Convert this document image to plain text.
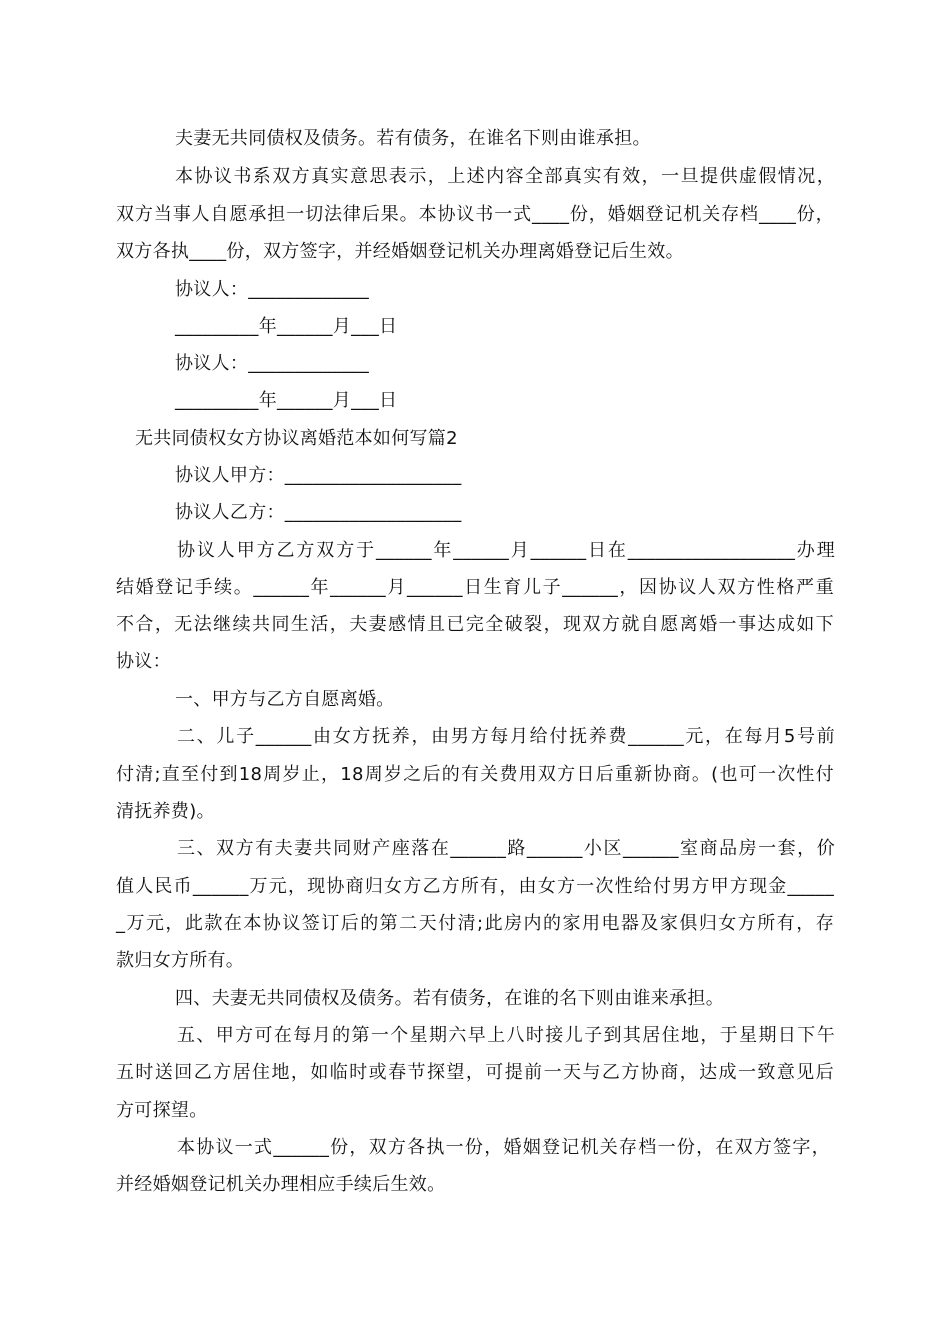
夫妻无共同债权及债务。若有债务，在谁名下则由谁承担。
本协议书系双方真实意思表示，上述内容全部真实有效，一旦提供虚假情况，
双方当事人自愿承担一切法律后果。本协议书一式____份，婚姻登记机关存档____份，
双方各执____份，双方签字，并经婚姻登记机关办理离婚登记后生效。
协议人：_____________
_________年______月___日
协议人：_____________
_________年______月___日
无共同债权女方协议离婚范本如何写篇2
协议人甲方：___________________
协议人乙方：___________________
协议人甲方乙方双方于______年______月______日在__________________办理
结婚登记手续。______年______月______日生育儿子______，因协议人双方性格严重
不合，无法继续共同生活，夫妻感情且已完全破裂，现双方就自愿离婚一事达成如下
协议：
一、甲方与乙方自愿离婚。
二、儿子______由女方抚养，由男方每月给付抚养费______元，在每月5号前
付清;直至付到18周岁止，18周岁之后的有关费用双方日后重新协商。(也可一次性付
清抚养费)。
三、双方有夫妻共同财产座落在______路______小区______室商品房一套，价
值人民币______万元，现协商归女方乙方所有，由女方一次性给付男方甲方现金_____
_万元，此款在本协议签订后的第二天付清;此房内的家用电器及家俱归女方所有，存
款归女方所有。
四、夫妻无共同债权及债务。若有债务，在谁的名下则由谁来承担。
五、甲方可在每月的第一个星期六早上八时接儿子到其居住地，于星期日下午
五时送回乙方居住地，如临时或春节探望，可提前一天与乙方协商，达成一致意见后
方可探望。
本协议一式______份，双方各执一份，婚姻登记机关存档一份，在双方签字，
并经婚姻登记机关办理相应手续后生效。
